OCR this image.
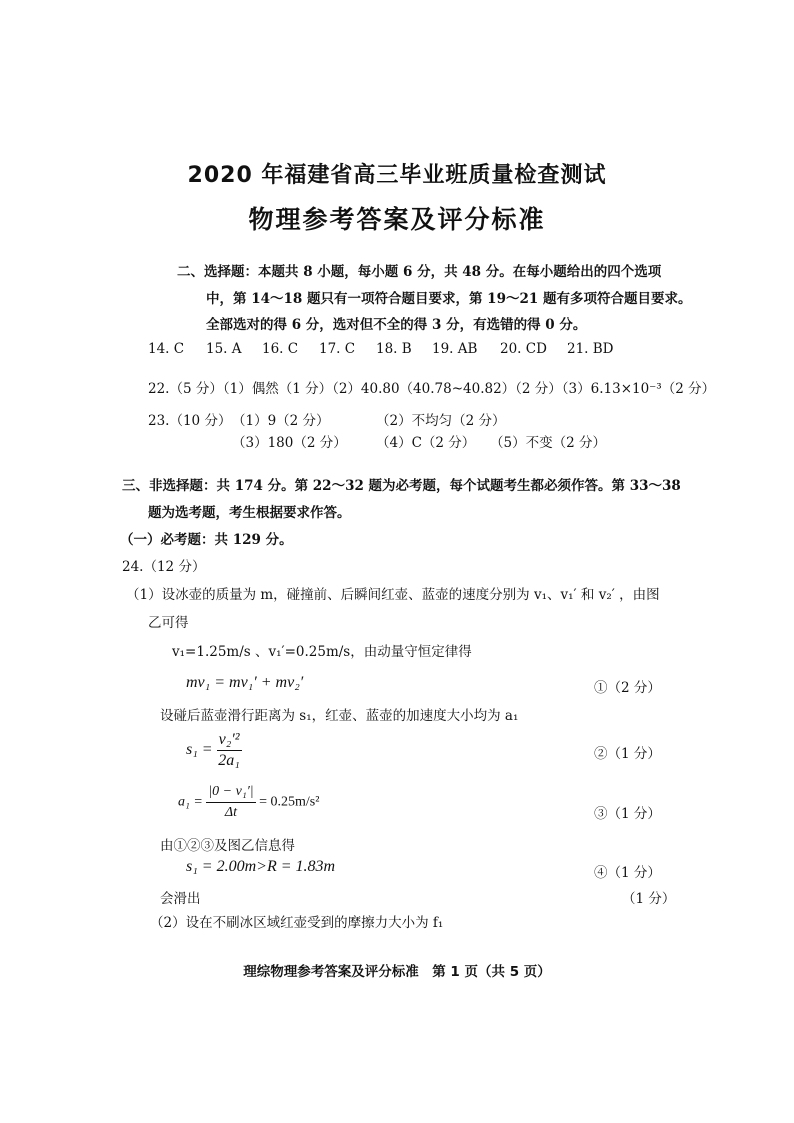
2020 年福建省高三毕业班质量检查测试
物理参考答案及评分标准
二、选择题：本题共 8 小题，每小题 6 分，共 48 分。在每小题给出的四个选项
中，第 14～18 题只有一项符合题目要求，第 19～21 题有多项符合题目要求。
全部选对的得 6 分，选对但不全的得 3 分，有选错的得 0 分。
14. C 15. A 16. C 17. C 18. B 19. AB 20. CD 21. BD
22.（5 分）（1）偶然（1 分）（2）40.80（40.78~40.82）（2 分）（3）6.13×10⁻³（2 分）
23.（10 分） （1）9（2 分）	（2）不均匀（2 分）
（3）180（2 分） （4）C（2 分） （5）不变（2 分）
三、非选择题：共 174 分。第 22～32 题为必考题，每个试题考生都必须作答。第 33～38
题为选考题，考生根据要求作答。
（一）必考题：共 129 分。
24.（12 分）
（1）设冰壶的质量为 m，碰撞前、后瞬间红壶、蓝壶的速度分别为 v₁、v₁′ 和 v₂′ ，由图
乙可得
v₁=1.25m/s 、v₁′=0.25m/s，由动量守恒定律得
mv₁ = mv₁′ + mv₂′	①（2 分）
设碰后蓝壶滑行距离为 s₁，红壶、蓝壶的加速度大小均为 a₁
$s_1 = \frac{\text{v₂′²}}{\text{2a₁}}$	②（1 分）
$a_1 = \frac{\text{|0 − v₁′|}}{\Delta t} = 0.25m/s^2$
③（1 分）
由①②③及图乙信息得
s₁ = 2.00m>R = 1.83m	④（1 分）
会滑出	（1 分）
（2）设在不刷冰区域红壶受到的摩擦力大小为 f₁
理综物理参考答案及评分标准　第 1 页（共 5 页）
